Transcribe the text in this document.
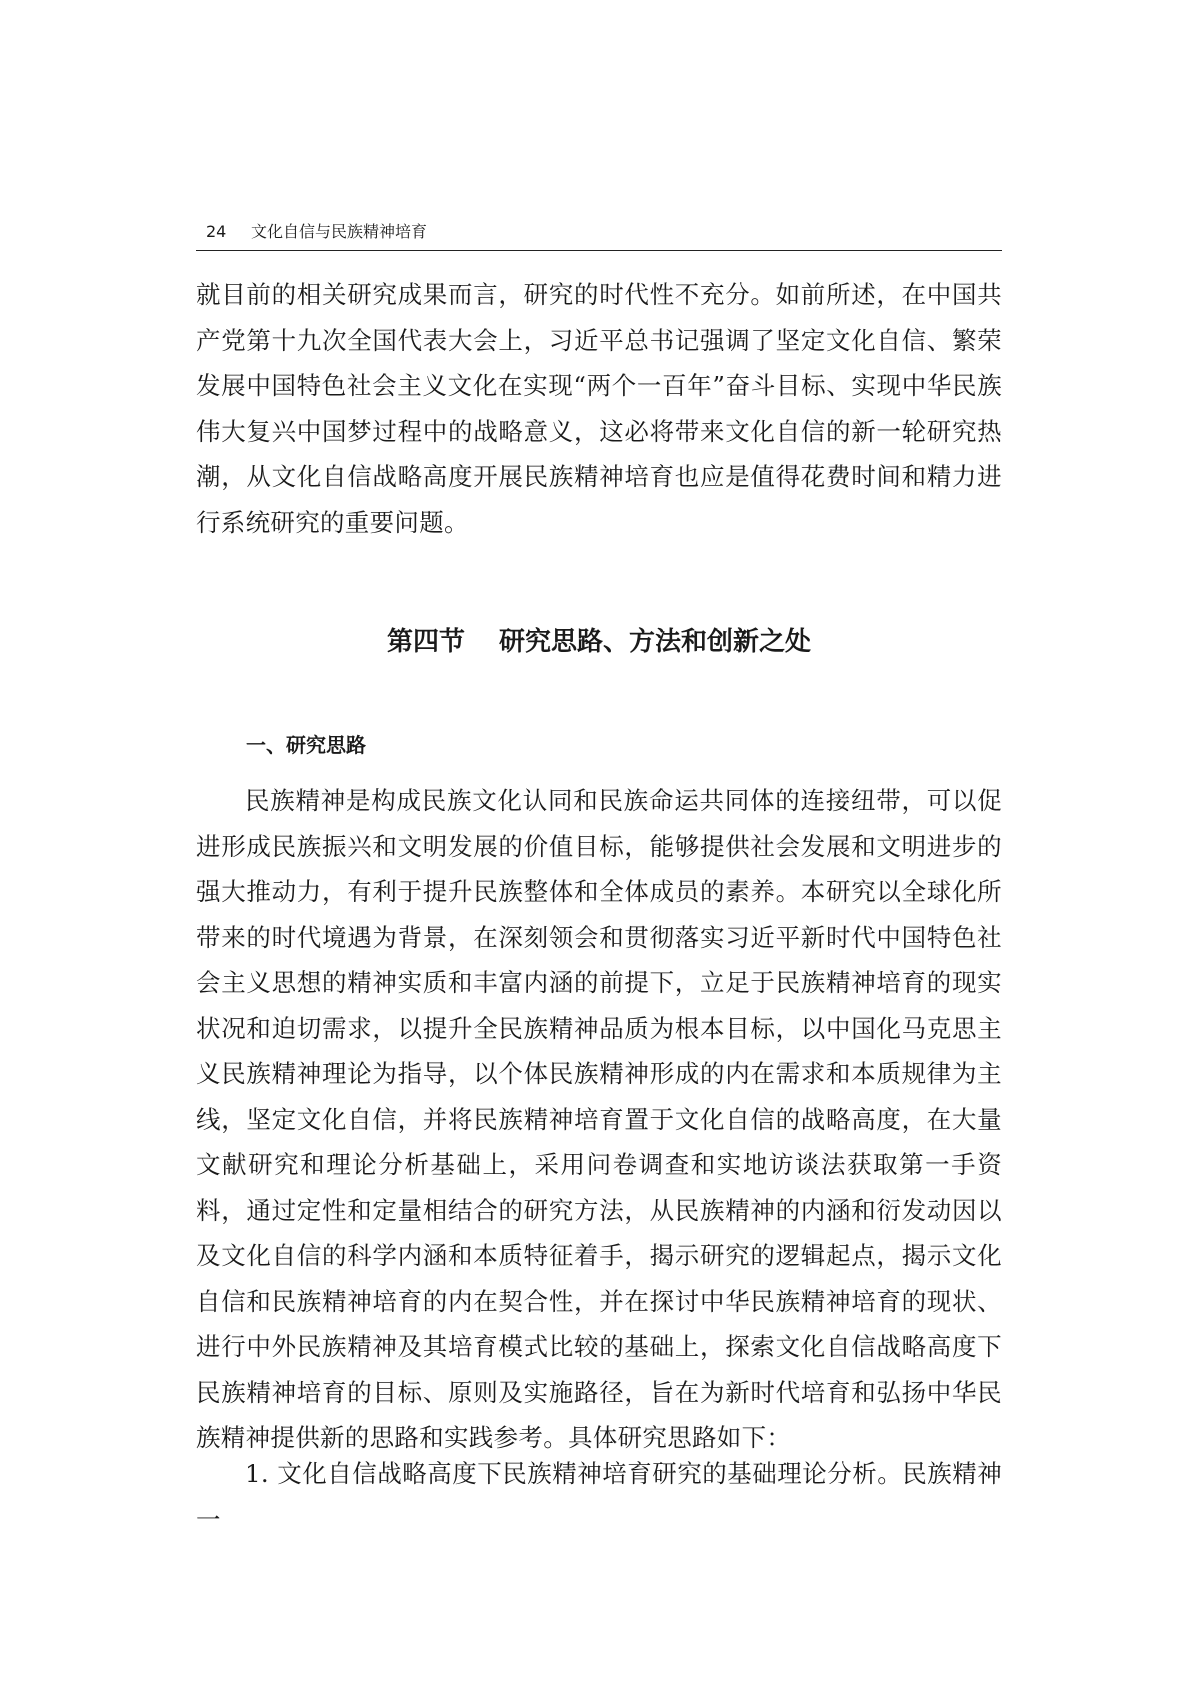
24 文化自信与民族精神培育

就目前的相关研究成果而言，研究的时代性不充分。如前所述，在中国共产党第十九次全国代表大会上，习近平总书记强调了坚定文化自信、繁荣发展中国特色社会主义文化在实现“两个一百年”奋斗目标、实现中华民族伟大复兴中国梦过程中的战略意义，这必将带来文化自信的新一轮研究热潮，从文化自信战略高度开展民族精神培育也应是值得花费时间和精力进行系统研究的重要问题。

第四节 研究思路、方法和创新之处
一、研究思路

民族精神是构成民族文化认同和民族命运共同体的连接纽带，可以促进形成民族振兴和文明发展的价值目标，能够提供社会发展和文明进步的强大推动力，有利于提升民族整体和全体成员的素养。本研究以全球化所带来的时代境遇为背景，在深刻领会和贯彻落实习近平新时代中国特色社会主义思想的精神实质和丰富内涵的前提下，立足于民族精神培育的现实状况和迫切需求，以提升全民族精神品质为根本目标，以中国化马克思主义民族精神理论为指导，以个体民族精神形成的内在需求和本质规律为主线，坚定文化自信，并将民族精神培育置于文化自信的战略高度，在大量文献研究和理论分析基础上，采用问卷调查和实地访谈法获取第一手资料，通过定性和定量相结合的研究方法，从民族精神的内涵和衍发动因以及文化自信的科学内涵和本质特征着手，揭示研究的逻辑起点，揭示文化自信和民族精神培育的内在契合性，并在探讨中华民族精神培育的现状、进行中外民族精神及其培育模式比较的基础上，探索文化自信战略高度下民族精神培育的目标、原则及实施路径，旨在为新时代培育和弘扬中华民族精神提供新的思路和实践参考。具体研究思路如下：

1. 文化自信战略高度下民族精神培育研究的基础理论分析。民族精神一
